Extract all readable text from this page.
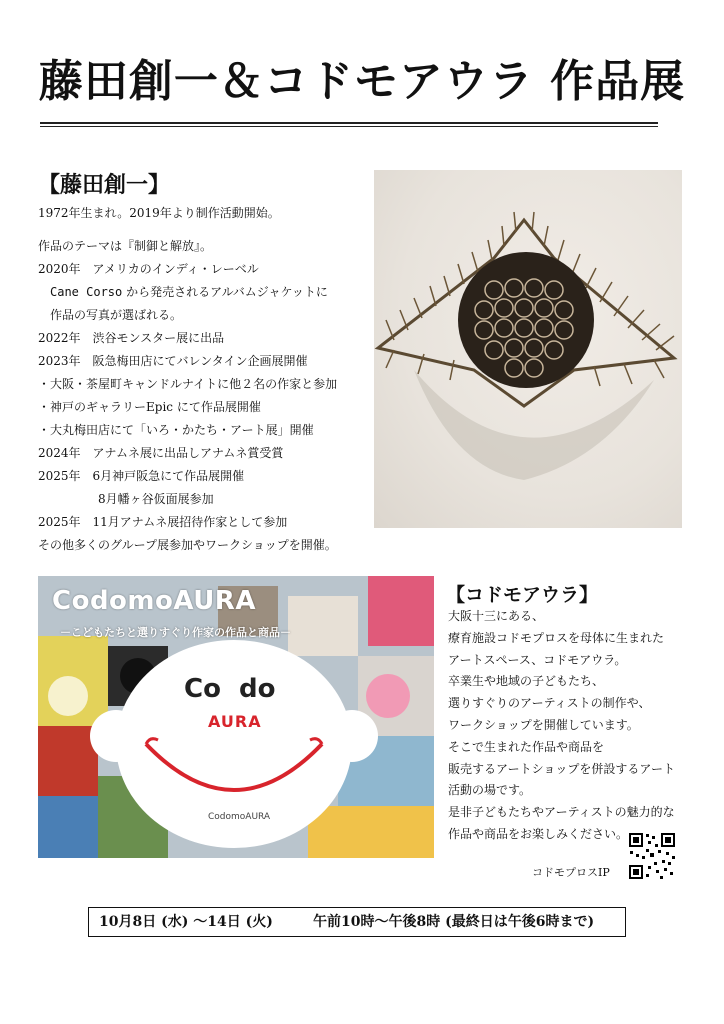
藤田創一＆コドモアウラ 作品展
【藤田創一】
1972年生まれ。2019年より制作活動開始。
作品のテーマは『制御と解放』。
2020年　アメリカのインディ・レーベル
Cane Corso から発売されるアルバムジャケットに
作品の写真が選ばれる。
2022年　渋谷モンスター展に出品
2023年　阪急梅田店にてバレンタイン企画展開催
・大阪・茶屋町キャンドルナイトに他２名の作家と参加
・神戸のギャラリーEpic にて作品展開催
・大丸梅田店にて「いろ・かたち・アート展」開催
2024年　アナムネ展に出品しアナムネ賞受賞
2025年　6月神戸阪急にて作品展開催
8月幡ヶ谷仮面展参加
2025年　11月アナムネ展招待作家として参加
その他多くのグループ展参加やワークショップを開催。
CodomoAURA
－こどもたちと選りすぐり作家の作品と商品－
Co  do
AURA
CodomoAURA
【コドモアウラ】
大阪十三にある、
療育施設コドモプロスを母体に生まれた
アートスペース、コドモアウラ。
卒業生や地域の子どもたち、
選りすぐりのアーティストの制作や、
ワークショップを開催しています。
そこで生まれた作品や商品を
販売するアートショップを併設するアート
活動の場です。
是非子どもたちやアーティストの魅力的な
作品や商品をお楽しみください。
コドモプロスIP
10月8日 (水) ～14日 (火)	午前10時～午後8時 (最終日は午後6時まで)
